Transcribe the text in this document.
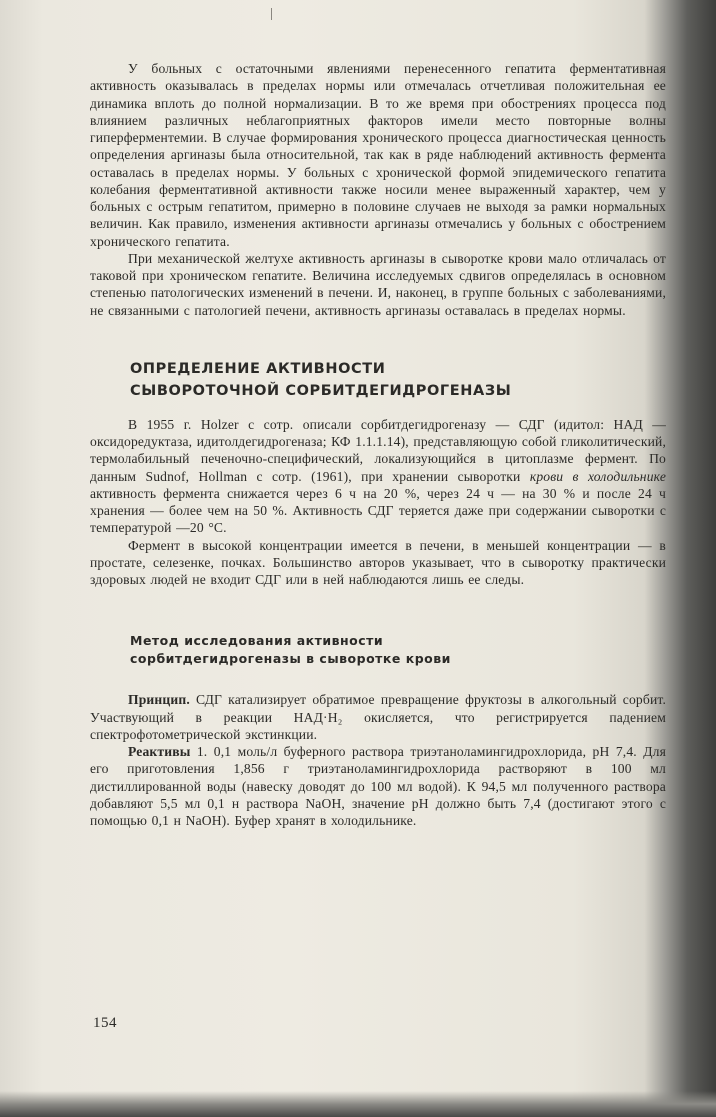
У больных с остаточными явлениями перенесенного гепатита ферментативная активность оказывалась в пределах нормы или отмечалась отчетливая положительная ее динамика вплоть до полной нормализации. В то же время при обострениях процесса под влиянием различных неблагоприятных факторов имели место повторные волны гиперферментемии. В случае формирования хронического процесса диагностическая ценность определения аргиназы была относительной, так как в ряде наблюдений активность фермента оставалась в пределах нормы. У больных с хронической формой эпидемического гепатита колебания ферментативной активности также носили менее выраженный характер, чем у больных с острым гепатитом, примерно в половине случаев не выходя за рамки нормальных величин. Как правило, изменения активности аргиназы отмечались у больных с обострением хронического гепатита.

При механической желтухе активность аргиназы в сыворотке крови мало отличалась от таковой при хроническом гепатите. Величина исследуемых сдвигов определялась в основном степенью патологических изменений в печени. И, наконец, в группе больных с заболеваниями, не связанными с патологией печени, активность аргиназы оставалась в пределах нормы.

ОПРЕДЕЛЕНИЕ АКТИВНОСТИ
СЫВОРОТОЧНОЙ СОРБИТДЕГИДРОГЕНАЗЫ

В 1955 г. Holzer с сотр. описали сорбитдегидрогеназу — СДГ (идитол: НАД — оксидоредуктаза, идитолдегидрогеназа; КФ 1.1.1.14), представляющую собой гликолитический, термолабильный печеночно-специфический, локализующийся в цитоплазме фермент. По данным Sudnof, Hollman с сотр. (1961), при хранении сыворотки крови в холодильнике активность фермента снижается через 6 ч на 20 %, через 24 ч — на 30 % и после 24 ч хранения — более чем на 50 %. Активность СДГ теряется даже при содержании сыворотки с температурой —20 °С.

Фермент в высокой концентрации имеется в печени, в меньшей концентрации — в простате, селезенке, почках. Большинство авторов указывает, что в сыворотку практически здоровых людей не входит СДГ или в ней наблюдаются лишь ее следы.

Метод исследования активности
сорбитдегидрогеназы в сыворотке крови

Принцип. СДГ катализирует обратимое превращение фруктозы в алкогольный сорбит. Участвующий в реакции НАД·Н₂ окисляется, что регистрируется падением спектрофотометрической экстинкции.

Реактивы 1. 0,1 моль/л буферного раствора триэтаноламингидрохлорида, рН 7,4. Для его приготовления 1,856 г триэтаноламингидрохлорида растворяют в 100 мл дистиллированной воды (навеску доводят до 100 мл водой). К 94,5 мл полученного раствора добавляют 5,5 мл 0,1 н раствора NaOH, значение рН должно быть 7,4 (достигают этого с помощью 0,1 н NaOH). Буфер хранят в холодильнике.

154
